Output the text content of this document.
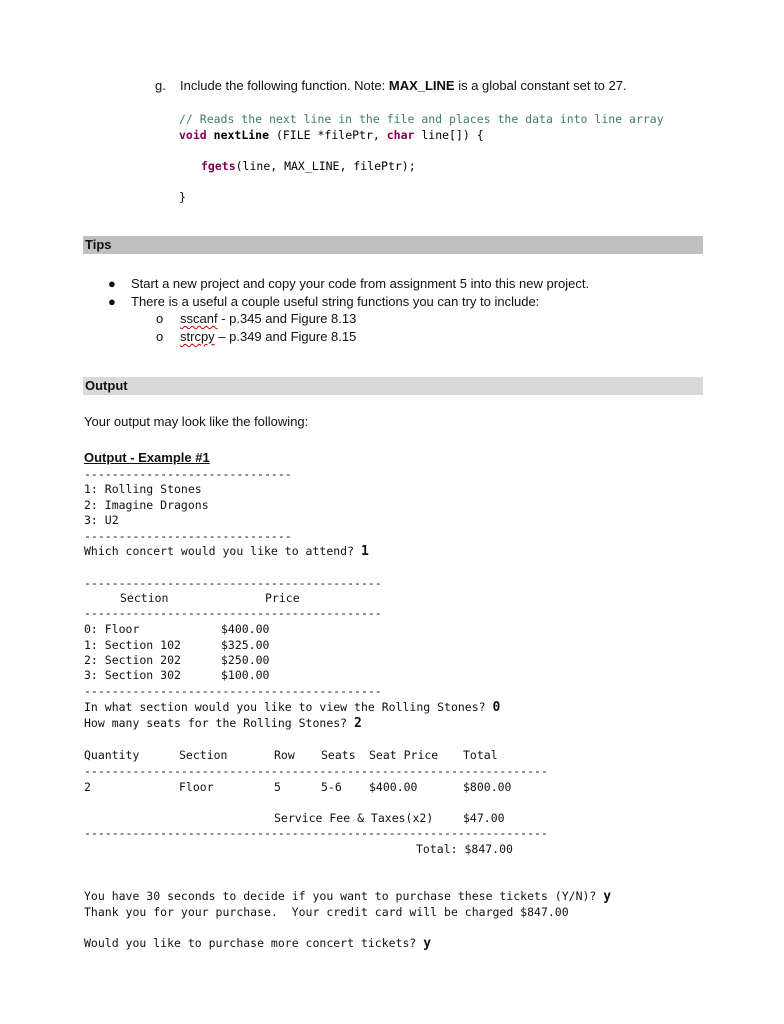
g. Include the following function. Note: MAX_LINE is a global constant set to 27.
// Reads the next line in the file and places the data into line array
void nextLine (FILE *filePtr, char line[]) {
fgets(line, MAX_LINE, filePtr);
}
Tips
● Start a new project and copy your code from assignment 5 into this new project.
● There is a useful a couple useful string functions you can try to include:
o sscanf - p.345 and Figure 8.13
o strcpy – p.349 and Figure 8.15
Output
Your output may look like the following:
Output - Example #1
------------------------------
1: Rolling Stones
2: Imagine Dragons
3: U2
------------------------------
Which concert would you like to attend? 1
-------------------------------------------
Section	Price
-------------------------------------------
0: Floor	$400.00
1: Section 102	$325.00
2: Section 202	$250.00
3: Section 302	$100.00
-------------------------------------------
In what section would you like to view the Rolling Stones? 0
How many seats for the Rolling Stones? 2
Quantity	Section	Row Seats Seat Price Total
-------------------------------------------------------------------
2	Floor	5	5-6 $400.00	$800.00
Service Fee & Taxes(x2)	$47.00
-------------------------------------------------------------------
Total: $847.00
You have 30 seconds to decide if you want to purchase these tickets (Y/N)? y
Thank you for your purchase.  Your credit card will be charged $847.00
Would you like to purchase more concert tickets? y
